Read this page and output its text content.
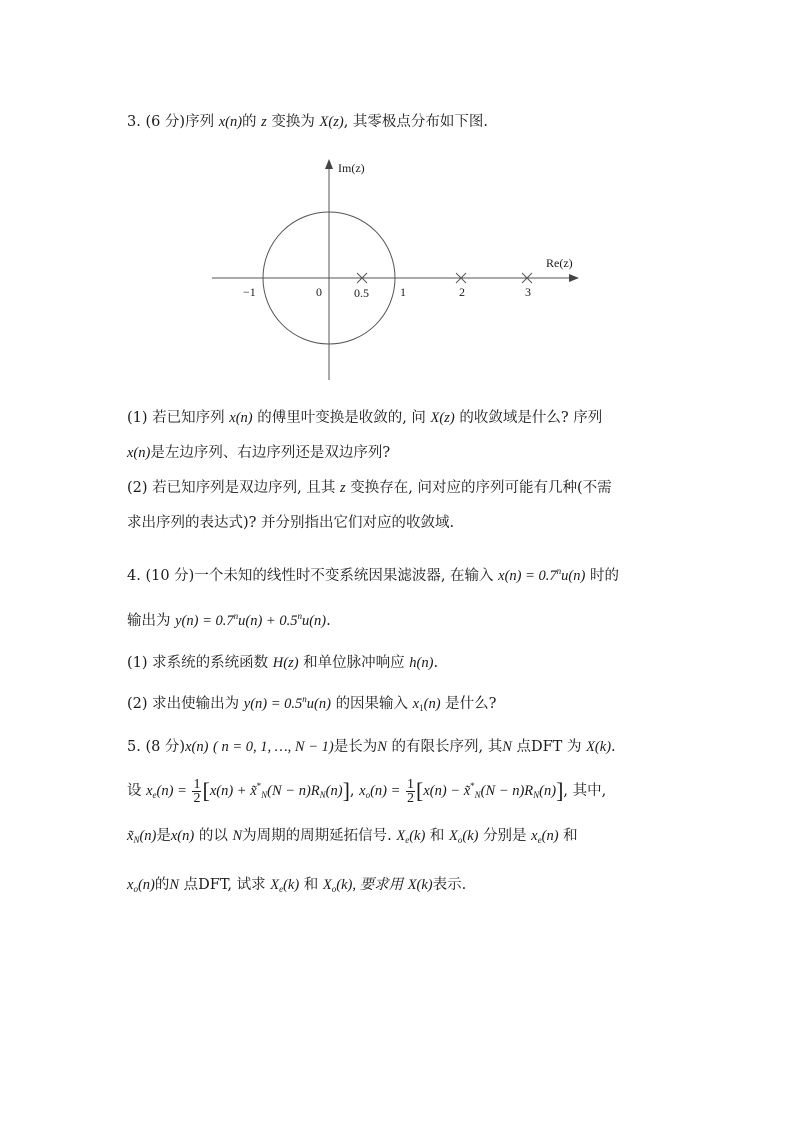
3. (6 分)序列 x(n)的 z 变换为 X(z), 其零极点分布如下图.
Im(z)
Re(z)
−1	0	0.5	1	2	3
(1) 若已知序列 x(n) 的傅里叶变换是收敛的, 问 X(z) 的收敛域是什么? 序列
x(n)是左边序列、右边序列还是双边序列?
(2) 若已知序列是双边序列, 且其 z 变换存在, 问对应的序列可能有几种(不需
求出序列的表达式)? 并分别指出它们对应的收敛域.
4. (10 分)一个未知的线性时不变系统因果滤波器, 在输入 $x(n) = 0.7^nu(n)$ 时的
输出为 $y(n) = 0.7^nu(n) + 0.5^nu(n)$.
(1) 求系统的系统函数 H(z) 和单位脉冲响应 h(n).
(2) 求出使输出为 $y(n) = 0.5^nu(n)$ 的因果输入 $x_1(n)$ 是什么?
5. (8 分)x(n) ( n = 0, 1, …, N − 1)是长为N 的有限长序列, 其N 点DFT 为 X(k).
设 $x_e(n) = \frac{1}{2} [x(n)$ + $x̃^*_N(N - n)R_N(n)$], $x_o(n) = \frac{1}{2} [x(n)$ − $x̃^*_N(N - n)R_N(n)$], 其中,
$x̃_N(n)$是x(n) 的以 N为周期的周期延拓信号. $X_e(k)$ 和 $X_o(k)$ 分别是 $x_e(n)$ 和
$x_o(n)$的N 点DFT, 试求 $X_e(k)$ 和 $X_o(k)$, 要求用 X(k)表示.
